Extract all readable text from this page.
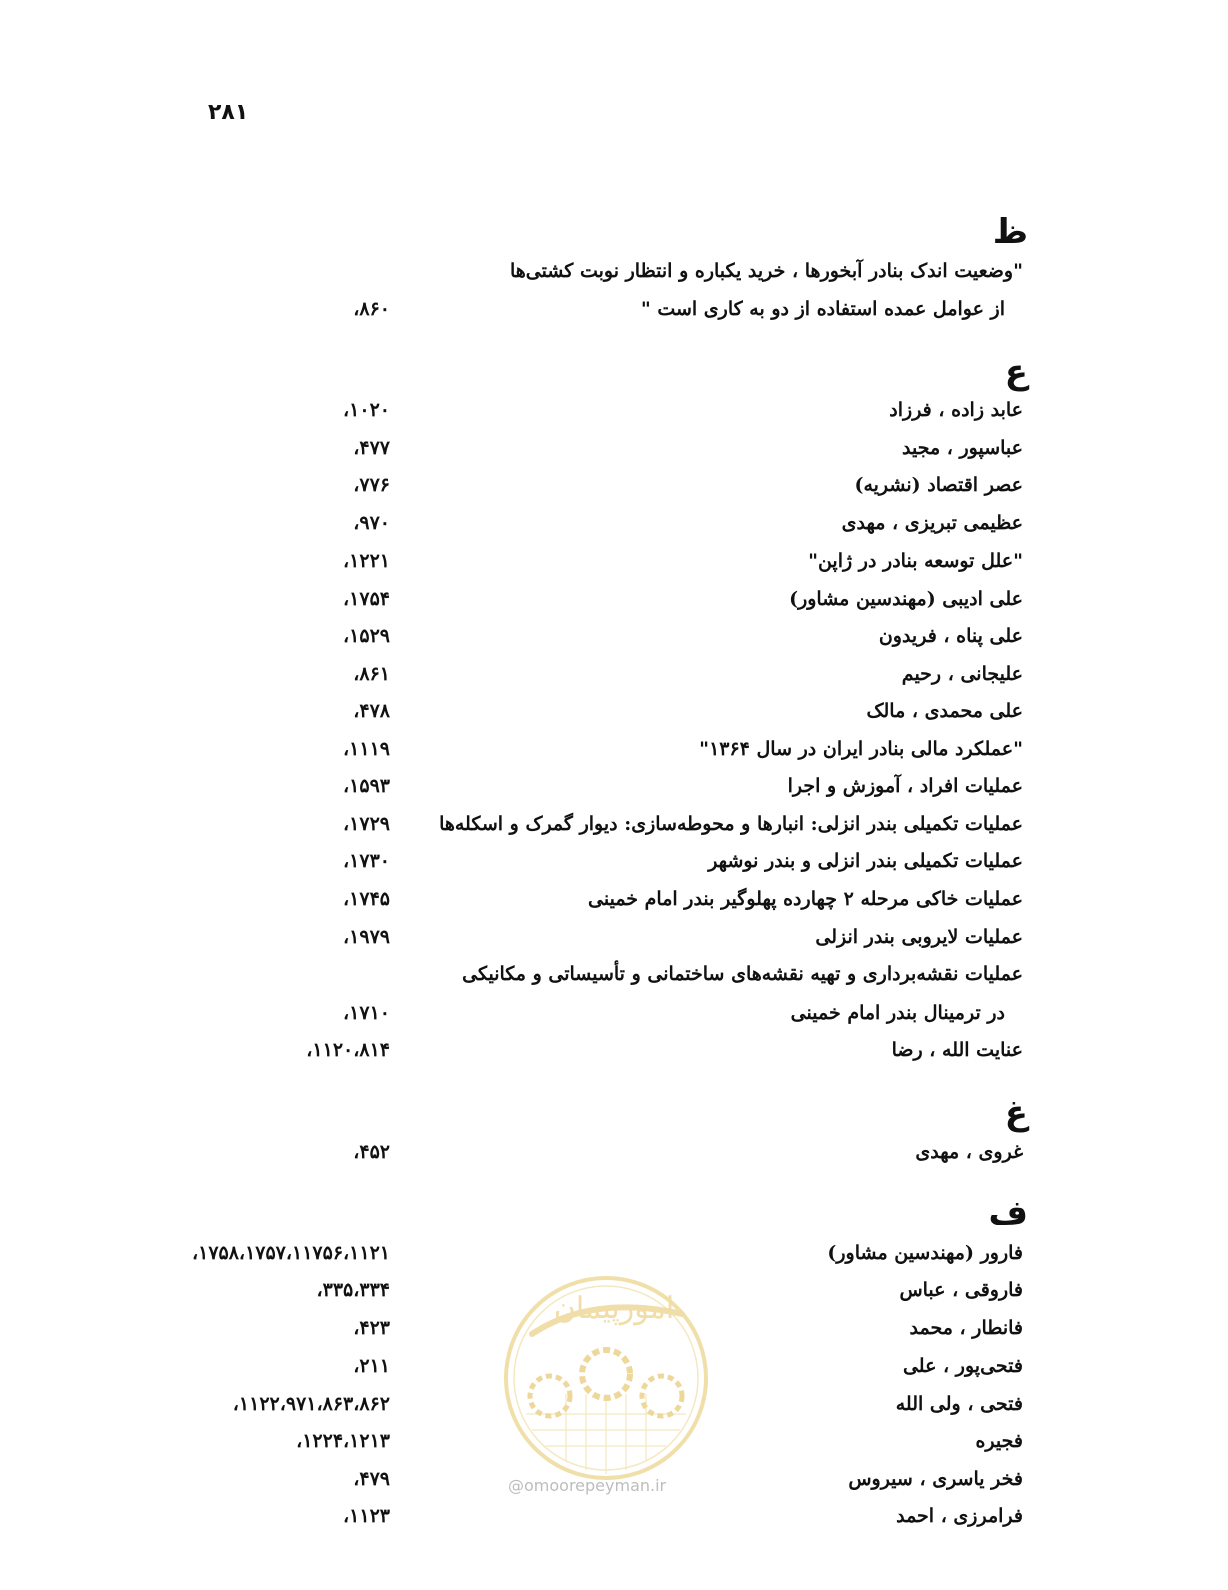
۲۸۱
ظ
"وضعیت اندک بنادر آبخورها ، خرید یکباره و انتظار نوبت کشتی‌ها
از عوامل عمده استفاده از دو به کاری است "
،۸۶۰
ع
عابد زاده ، فرزاد
،۱۰۲۰
عباسپور ، مجید
،۴۷۷
عصر اقتصاد (نشریه)
،۷۷۶
عظیمی تبریزی ، مهدی
،۹۷۰
"علل توسعه بنادر در ژاپن"
،۱۲۲۱
علی ادیبی (مهندسین مشاور)
،۱۷۵۴
علی پناه ، فریدون
،۱۵۲۹
علیجانی ، رحیم
،۸۶۱
علی محمدی ، مالک
،۴۷۸
"عملکرد مالی بنادر ایران در سال ۱۳۶۴"
،۱۱۱۹
عملیات افراد ، آموزش و اجرا
،۱۵۹۳
عملیات تکمیلی بندر انزلی: انبارها و محوطه‌سازی: دیوار گمرک و اسکله‌ها
،۱۷۲۹
عملیات تکمیلی بندر انزلی و بندر نوشهر
،۱۷۳۰
عملیات خاکی مرحله ۲ چهارده پهلوگیر بندر امام خمینی
،۱۷۴۵
عملیات لایروبی بندر انزلی
،۱۹۷۹
عملیات نقشه‌برداری و تهیه نقشه‌های ساختمانی و تأسیساتی و مکانیکی
در ترمینال بندر امام خمینی
،۱۷۱۰
عنایت الله ، رضا
،۱۱۲۰،۸۱۴
غ
غروی ، مهدی
،۴۵۲
ف
فارور (مهندسین مشاور)
،۱۷۵۸،۱۷۵۷،۱۱۷۵۶،۱۱۲۱
فاروقی ، عباس
،۳۳۵،۳۳۴
فانطار ، محمد
،۴۲۳
فتحی‌پور ، علی
،۲۱۱
فتحی ، ولی الله
،۱۱۲۲،۹۷۱،۸۶۳،۸۶۲
فجیره
،۱۲۲۴،۱۲۱۳
فخر یاسری ، سیروس
،۴۷۹
فرامرزی ، احمد
،۱۱۲۳
امورپیمان
@omoorepeyman.ir
